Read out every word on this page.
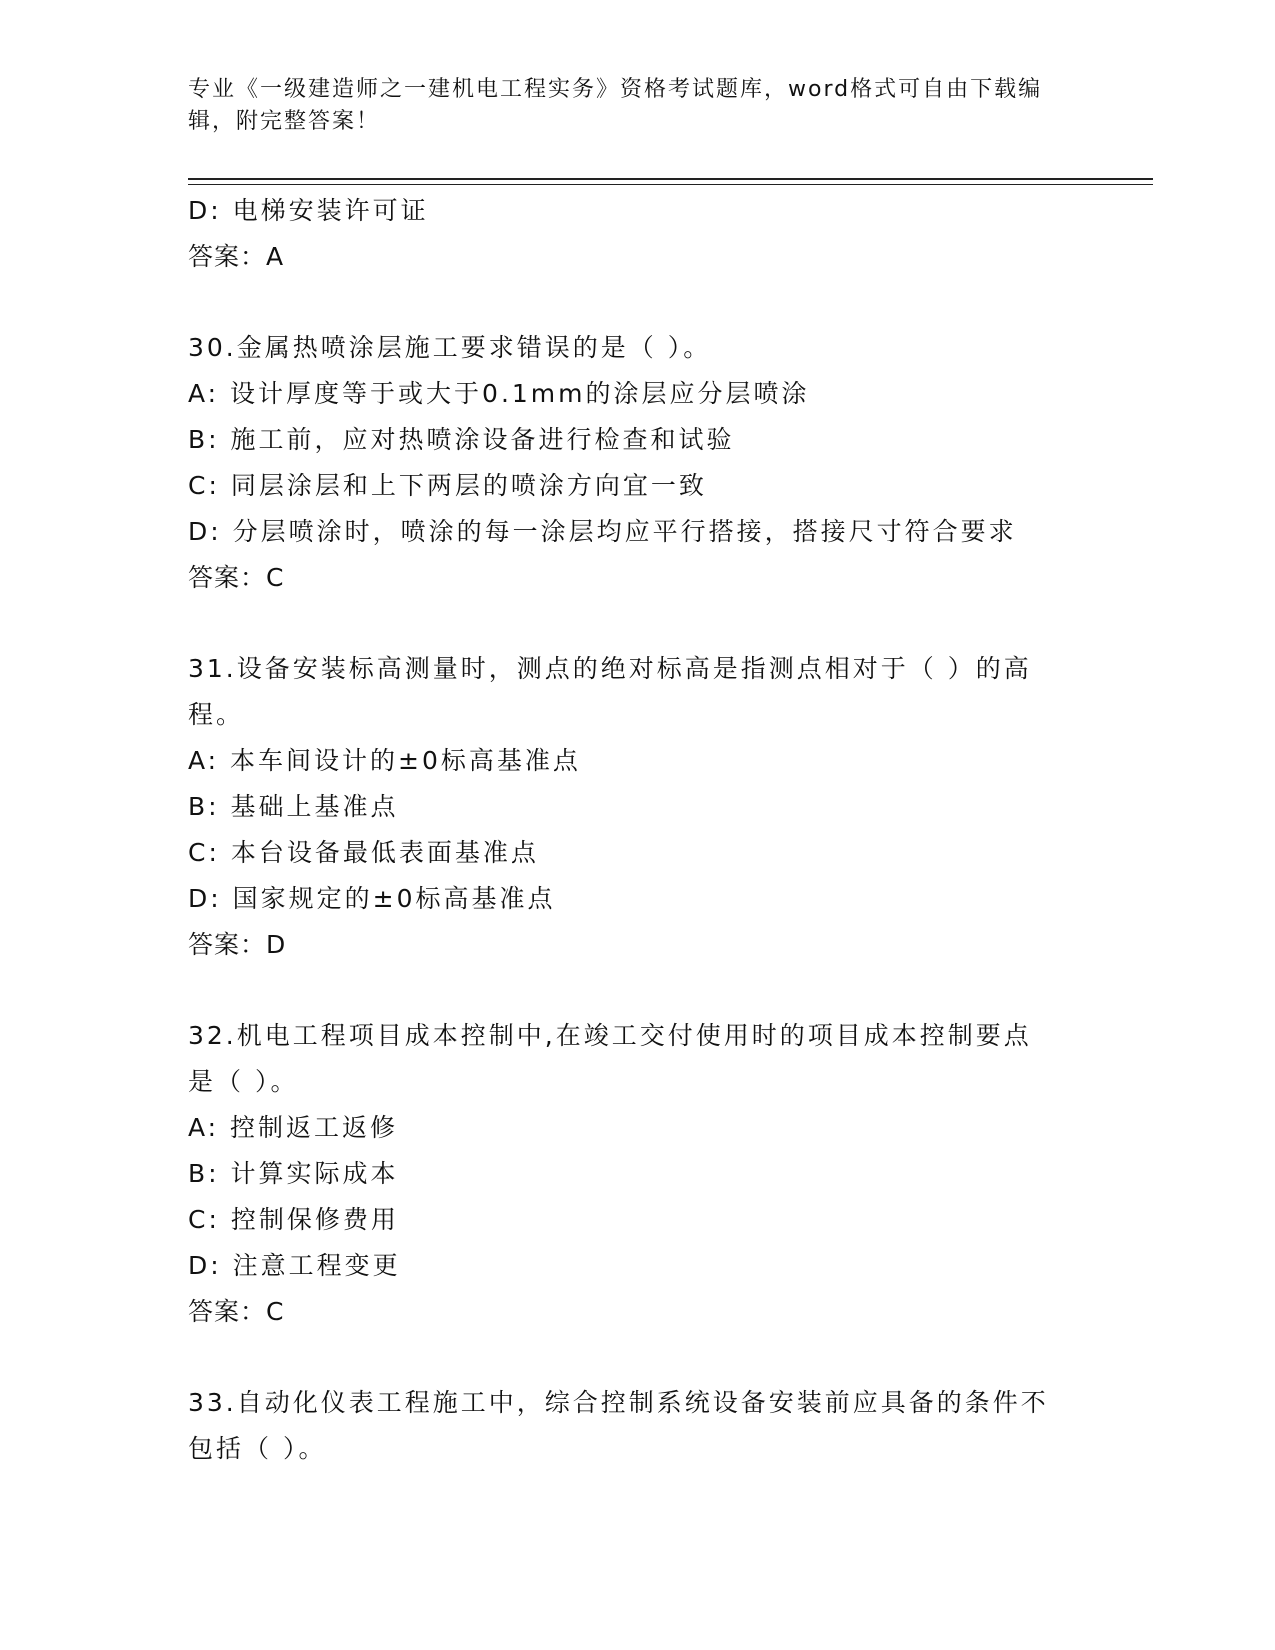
专业《一级建造师之一建机电工程实务》资格考试题库，word格式可自由下载编辑，附完整答案！
D: 电梯安装许可证
答案：A
30.金属热喷涂层施工要求错误的是（ ）。
A: 设计厚度等于或大于0.1mm的涂层应分层喷涂
B: 施工前，应对热喷涂设备进行检查和试验
C: 同层涂层和上下两层的喷涂方向宜一致
D: 分层喷涂时，喷涂的每一涂层均应平行搭接，搭接尺寸符合要求
答案：C
31.设备安装标高测量时，测点的绝对标高是指测点相对于（ ）的高
程。
A: 本车间设计的±0标高基准点
B: 基础上基准点
C: 本台设备最低表面基准点
D: 国家规定的±0标高基准点
答案：D
32.机电工程项目成本控制中,在竣工交付使用时的项目成本控制要点
是（ ）。
A: 控制返工返修
B: 计算实际成本
C: 控制保修费用
D: 注意工程变更
答案：C
33.自动化仪表工程施工中，综合控制系统设备安装前应具备的条件不
包括（ ）。
